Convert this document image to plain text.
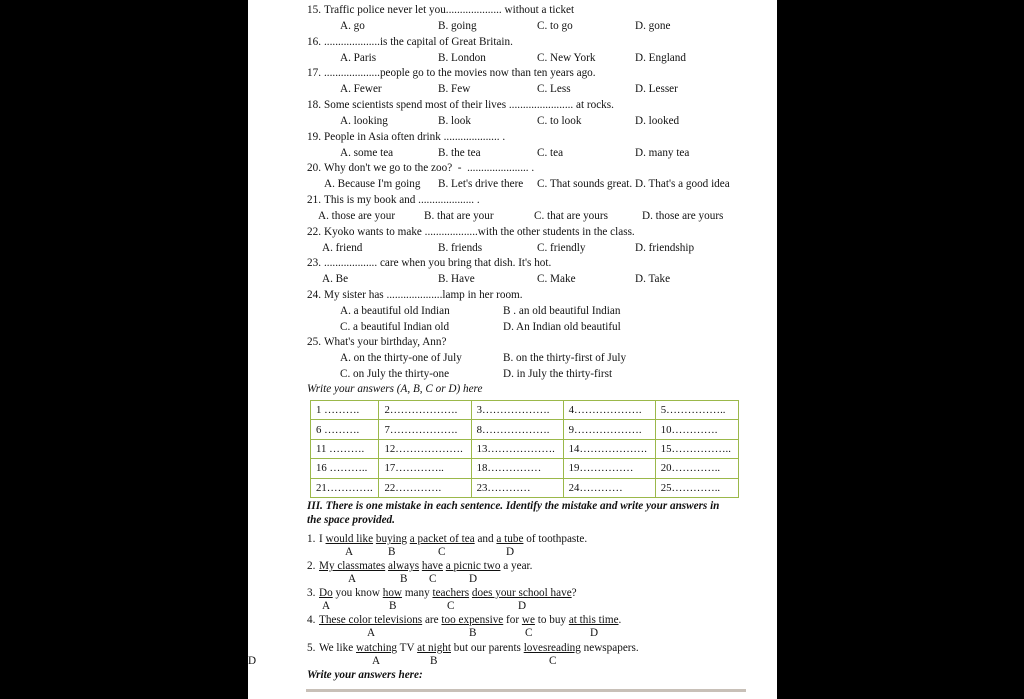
15. Traffic police never let you.................... without a ticket
A. go	B. going	C. to go	D. gone
16. ....................is the capital of Great Britain.
A. Paris	B. London	C. New York	D. England
17. ....................people go to the movies now than ten years ago.
A. Fewer	B. Few	C. Less	D. Lesser
18. Some scientists spend most of their lives ....................... at rocks.
A. looking	B. look	C. to look	D. looked
19. People in Asia often drink .................... .
A. some tea	B. the tea	C. tea	D. many tea
20. Why don't we go to the zoo?  -  ...................... .
A. Because I'm going B. Let's drive there C. That sounds great. D. That's a good idea
21. This is my book and .................... .
A. those are your	B. that are your	C. that are yours	D. those are yours
22. Kyoko wants to make ...................with the other students in the class.
A. friend	B. friends	C. friendly	D. friendship
23. ................... care when you bring that dish. It's hot.
A. Be	B. Have	C. Make	D. Take
24. My sister has ....................lamp in her room.
A. a beautiful old Indian	B . an old beautiful Indian
C. a beautiful Indian old	D. An Indian old beautiful
25. What's your birthday, Ann?
A. on the thirty-one of July	B. on the thirty-first of July
C. on July the thirty-one	D. in July the thirty-first
Write your answers (A, B, C or D) here
1 ……….	2……………….	3……………….	4……………….	5……………..
6 ……….	7……………….	8……………….	9……………….	10………….
11 ……….	12……………….	13……………….	14……………….	15……………..
16 ………..	17…………..	18……………	19……………	20…………..
21………….	22………….	23…………	24…………	25…………..
III. There is one mistake in each sentence. Identify the mistake and write your answers in
the space provided.
1. I would like buying a packet of tea and a tube of toothpaste.
A	B	C	D
2. My classmates always have a picnic two a year.
A	B C	D
3. Do you know how many teachers does your school have?
A	B	C	D
4. These color televisions are too expensive for we to buy at this time.
A	B	C	D
5. We like watching TV at night but our parents lovesreading newspapers.
A	B	C
D
Write your answers here:
